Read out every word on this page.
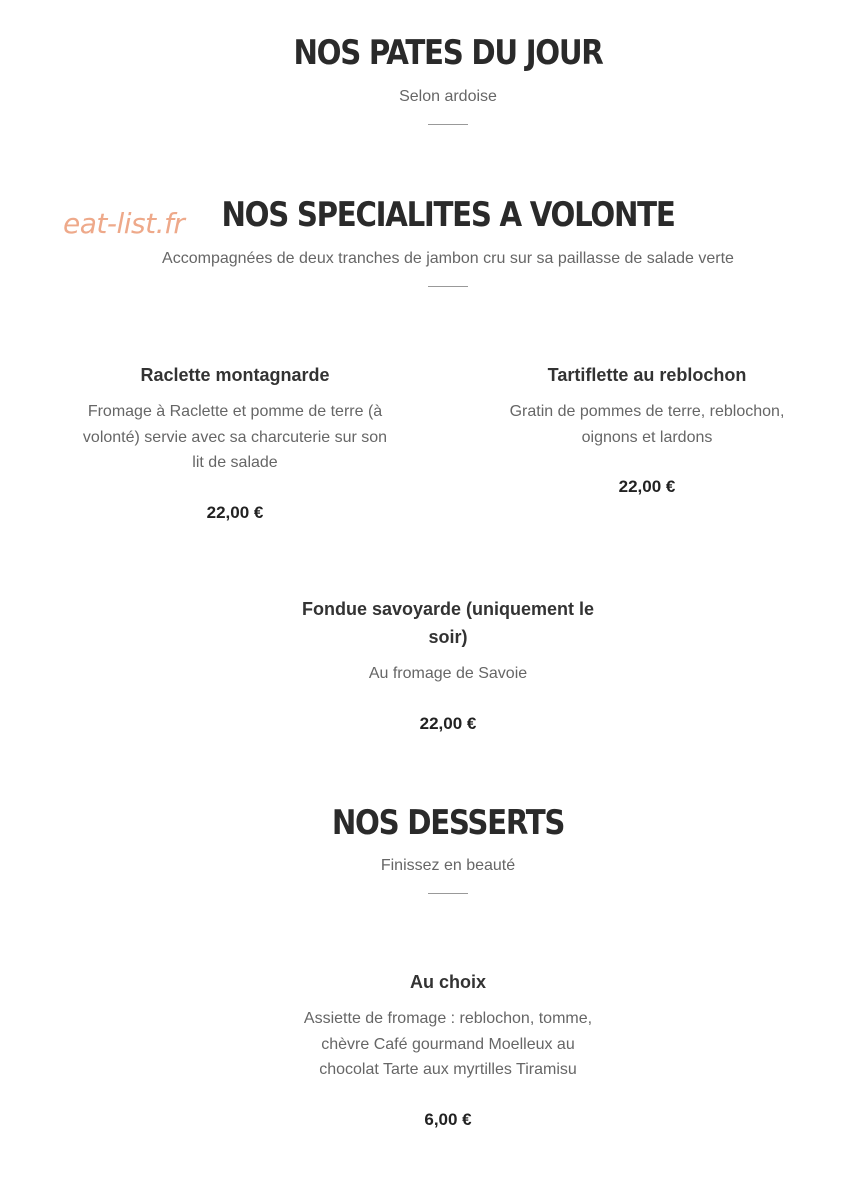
eat-list.fr
NOS PATES DU JOUR
Selon ardoise
NOS SPECIALITES A VOLONTE
Accompagnées de deux tranches de jambon cru sur sa paillasse de salade verte
Raclette montagnarde
Fromage à Raclette et pomme de terre (à volonté) servie avec sa charcuterie sur son lit de salade
22,00 €
Tartiflette au reblochon
Gratin de pommes de terre, reblochon, oignons et lardons
22,00 €
Fondue savoyarde (uniquement le soir)
Au fromage de Savoie
22,00 €
NOS DESSERTS
Finissez en beauté
Au choix
Assiette de fromage : reblochon, tomme, chèvre Café gourmand Moelleux au chocolat Tarte aux myrtilles Tiramisu
6,00 €
